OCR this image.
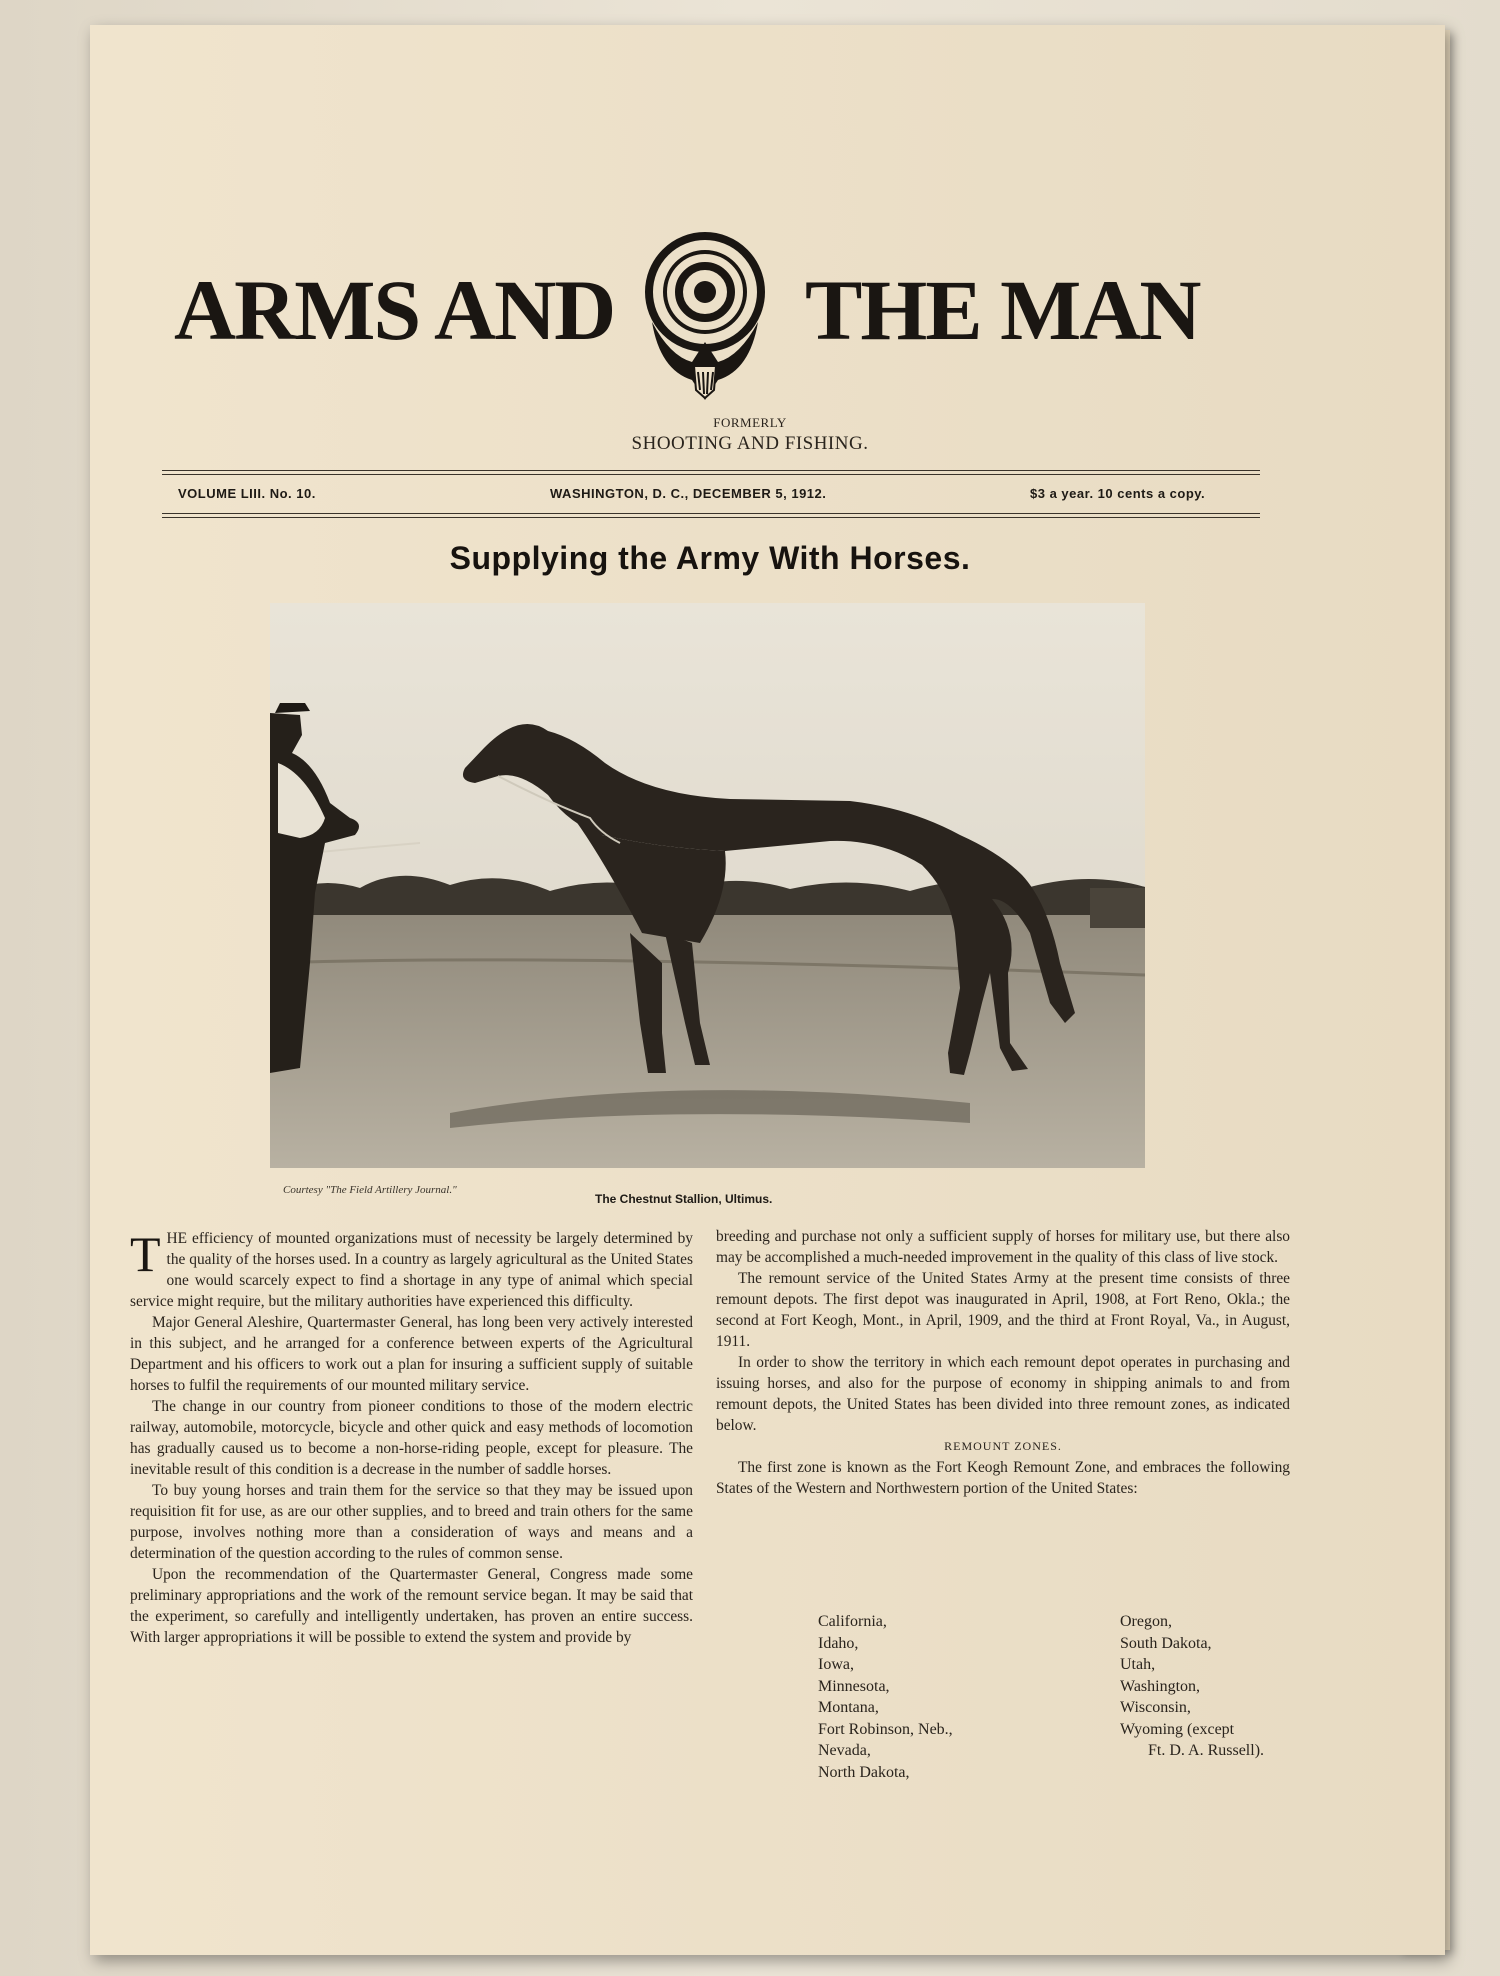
ARMS AND THE MAN
FORMERLY
SHOOTING AND FISHING.
VOLUME LIII. No. 10.	WASHINGTON, D. C., DECEMBER 5, 1912.	$3 a year. 10 cents a copy.
Supplying the Army With Horses.
Courtesy "The Field Artillery Journal."
The Chestnut Stallion, Ultimus.

THE efficiency of mounted organizations must of necessity be largely determined by the quality of the horses used. In a country as largely agricultural as the United States one would scarcely expect to find a shortage in any type of animal which special service might require, but the military authorities have experienced this difficulty.

Major General Aleshire, Quartermaster General, has long been very actively interested in this subject, and he arranged for a conference between experts of the Agricultural Department and his officers to work out a plan for insuring a sufficient supply of suitable horses to fulfil the requirements of our mounted military service.

The change in our country from pioneer conditions to those of the modern electric railway, automobile, motorcycle, bicycle and other quick and easy methods of locomotion has gradually caused us to become a non-horse-riding people, except for pleasure. The inevitable result of this condition is a decrease in the number of saddle horses.

To buy young horses and train them for the service so that they may be issued upon requisition fit for use, as are our other supplies, and to breed and train others for the same purpose, involves nothing more than a consideration of ways and means and a determination of the question according to the rules of common sense.

Upon the recommendation of the Quartermaster General, Congress made some preliminary appropriations and the work of the remount service began. It may be said that the experiment, so carefully and intelligently undertaken, has proven an entire success. With larger appropriations it will be possible to extend the system and provide by

breeding and purchase not only a sufficient supply of horses for military use, but there also may be accomplished a much-needed improvement in the quality of this class of live stock.

The remount service of the United States Army at the present time consists of three remount depots. The first depot was inaugurated in April, 1908, at Fort Reno, Okla.; the second at Fort Keogh, Mont., in April, 1909, and the third at Front Royal, Va., in August, 1911.

In order to show the territory in which each remount depot operates in purchasing and issuing horses, and also for the purpose of economy in shipping animals to and from remount depots, the United States has been divided into three remount zones, as indicated below.

REMOUNT ZONES.

The first zone is known as the Fort Keogh Remount Zone, and embraces the following States of the Western and Northwestern portion of the United States:

California,
Idaho,
Iowa,
Minnesota,
Montana,
Fort Robinson, Neb.,
Nevada,
North Dakota,
Oregon,
South Dakota,
Utah,
Washington,
Wisconsin,
Wyoming (except
Ft. D. A. Russell).
